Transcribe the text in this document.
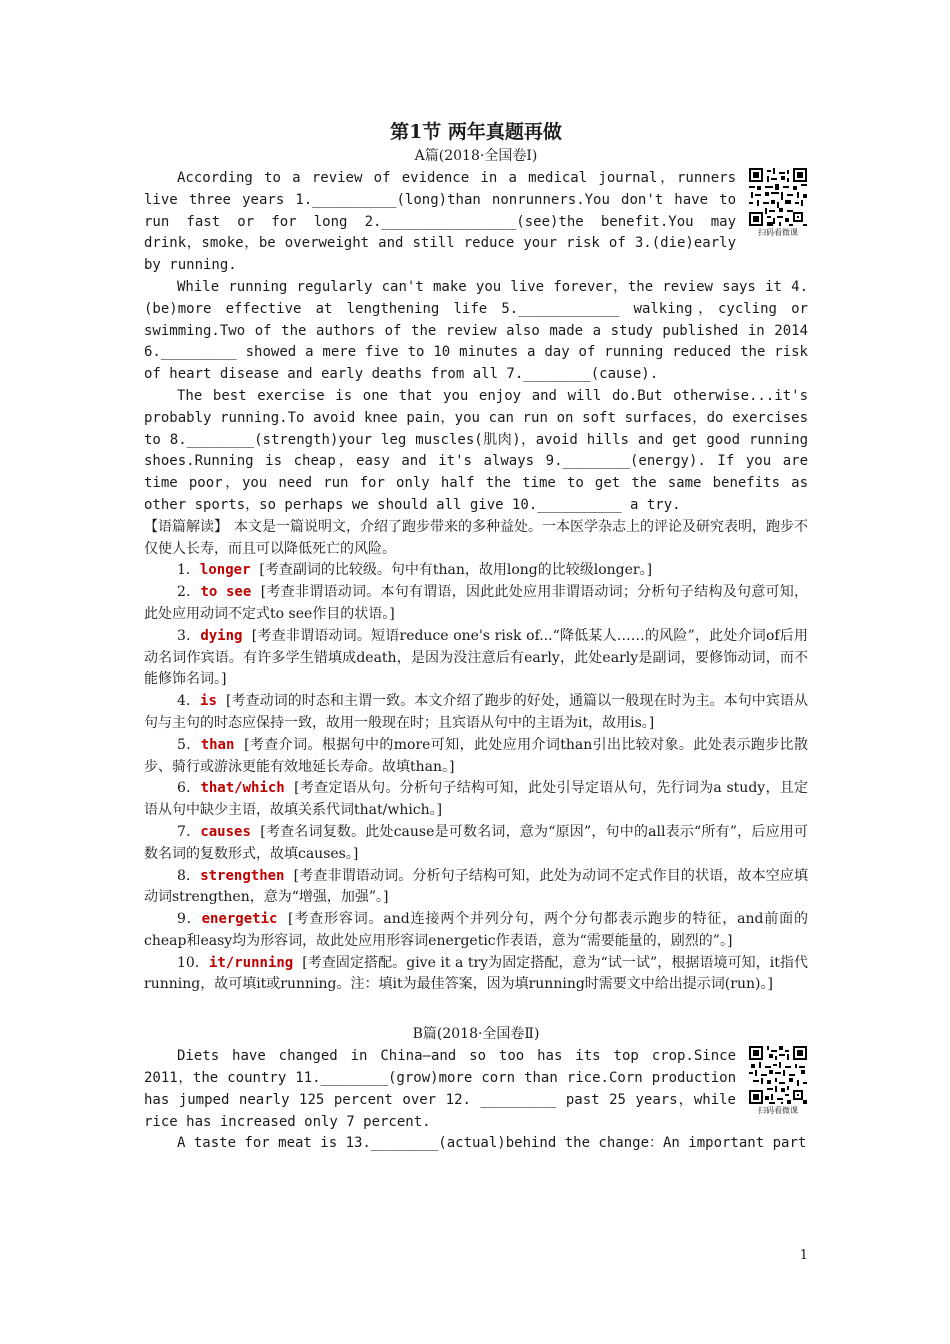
第1节 两年真题再做
A篇(2018·全国卷Ⅰ)
扫码看微课

According to a review of evidence in a medical journal，runners live three years 1.__________(long)than nonrunners.You don't have to run fast or for long 2.________________(see)the benefit.You may drink，smoke，be overweight and still reduce your risk of 3.(die)early by running.

While running regularly can't make you live forever，the review says it 4.(be)more effective at lengthening life 5.____________ walking，cycling or swimming.Two of the authors of the review also made a study published in 2014 6._________ showed a mere five to 10 minutes a day of running reduced the risk of heart disease and early deaths from all 7.________(cause).

The best exercise is one that you enjoy and will do.But otherwise...it's probably running.To avoid knee pain，you can run on soft surfaces，do exercises to 8.________(strength)your leg muscles(肌肉)，avoid hills and get good running shoes.Running is cheap，easy and it's always 9.________(energy). If you are time poor，you need run for only half the time to get the same benefits as other sports，so perhaps we should all give 10.__________ a try.

【语篇解读】 本文是一篇说明文，介绍了跑步带来的多种益处。一本医学杂志上的评论及研究表明，跑步不仅使人长寿，而且可以降低死亡的风险。

1．longer [考查副词的比较级。句中有than，故用long的比较级longer。]

2．to see [考查非谓语动词。本句有谓语，因此此处应用非谓语动词；分析句子结构及句意可知，此处应用动词不定式to see作目的状语。]

3．dying [考查非谓语动词。短语reduce one's risk of...“降低某人……的风险”，此处介词of后用动名词作宾语。有许多学生错填成death，是因为没注意后有early，此处early是副词，要修饰动词，而不能修饰名词。]

4．is [考查动词的时态和主谓一致。本文介绍了跑步的好处，通篇以一般现在时为主。本句中宾语从句与主句的时态应保持一致，故用一般现在时；且宾语从句中的主语为it，故用is。]

5．than [考查介词。根据句中的more可知，此处应用介词than引出比较对象。此处表示跑步比散步、骑行或游泳更能有效地延长寿命。故填than。]

6．that/which [考查定语从句。分析句子结构可知，此处引导定语从句，先行词为a study，且定语从句中缺少主语，故填关系代词that/which。]

7．causes [考查名词复数。此处cause是可数名词，意为“原因”，句中的all表示“所有”，后应用可数名词的复数形式，故填causes。]

8．strengthen [考查非谓语动词。分析句子结构可知，此处为动词不定式作目的状语，故本空应填动词strengthen，意为“增强，加强”。]

9．energetic [考查形容词。and连接两个并列分句，两个分句都表示跑步的特征，and前面的cheap和easy均为形容词，故此处应用形容词energetic作表语，意为“需要能量的，剧烈的”。]

10．it/running [考查固定搭配。give it a try为固定搭配，意为“试一试”，根据语境可知，it指代running，故可填it或running。注：填it为最佳答案，因为填running时需要文中给出提示词(run)。]

B篇(2018·全国卷Ⅱ)
扫码看微课

Diets have changed in China—and so too has its top crop.Since 2011，the country 11.________(grow)more corn than rice.Corn production has jumped nearly 125 percent over 12. _________ past 25 years，while rice has increased only 7 percent.

A taste for meat is 13.________(actual)behind the change：An important part

1
